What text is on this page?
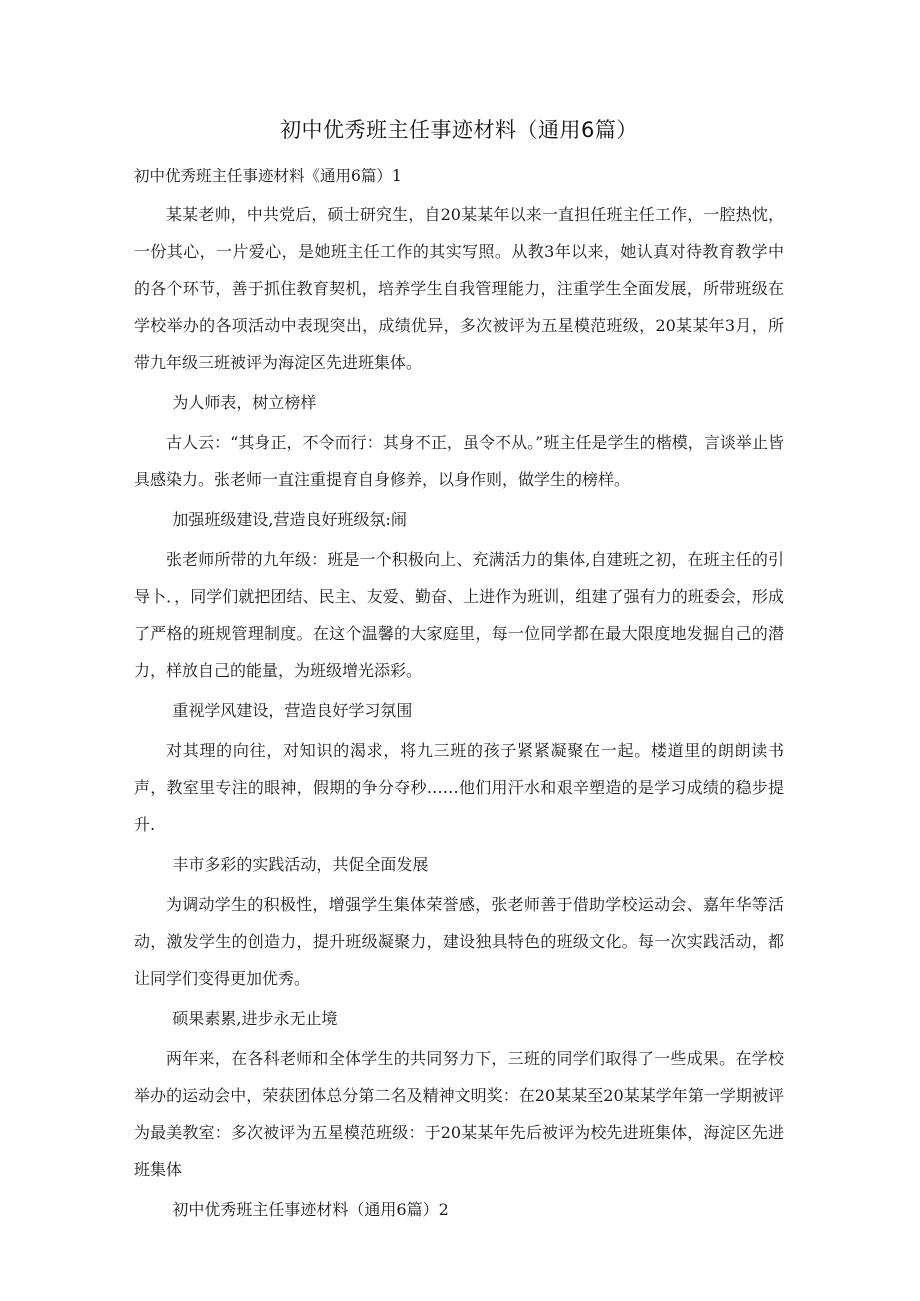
初中优秀班主任事迹材料（通用6篇）

初中优秀班主任事迹材料《通用6篇）1

某某老帅，中共党后，硕士研究生，自20某某年以来一直担任班主任工作，一腔热忱，一份其心，一片爱心，是她班主任工作的其实写照。从教3年以来，她认真对待教育教学中的各个环节，善于抓住教育契机，培养学生自我管理能力，注重学生全面发展，所带班级在学校举办的各项活动中表现突出，成绩优异，多次被评为五星模范班级，20某某年3月，所带九年级三班被评为海淀区先进班集体。

为人师表，树立榜样

古人云：“其身正，不令而行：其身不正，虽令不从。”班主任是学生的楷模，言谈举止皆具感染力。张老师一直注重提育自身修养，以身作则，做学生的榜样。

加强班级建设,营造良好班级氛:闹

张老师所带的九年级：班是一个积极向上、充满活力的集体,自建班之初，在班主任的引导卜．，同学们就把团结、民主、友爱、勤奋、上进作为班训，组建了强有力的班委会，形成了严格的班规管理制度。在这个温馨的大家庭里，每一位同学都在最大限度地发掘自己的潜力，样放自己的能量，为班级增光添彩。

重视学风建设，营造良好学习氛围

对其理的向往，对知识的渴求，将九三班的孩子紧紧凝聚在一起。楼道里的朗朗读书声，教室里专注的眼神，假期的争分夺秒……他们用汗水和艰辛塑造的是学习成绩的稳步提升.

丰市多彩的实践活动，共促全面发展

为调动学生的积极性，增强学生集体荣誉感，张老师善于借助学校运动会、嘉年华等活动，激发学生的创造力，提升班级凝聚力，建设独具特色的班级文化。每一次实践活动，都让同学们变得更加优秀。

硕果素累,进步永无止境

两年来，在各科老师和全体学生的共同努力下，三班的同学们取得了一些成果。在学校举办的运动会中，荣获团体总分第二名及精神文明奖：在20某某至20某某学年第一学期被评为最美教室：多次被评为五星模范班级：于20某某年先后被评为校先进班集体，海淀区先进班集体

初中优秀班主任事迹材料（通用6篇）2
